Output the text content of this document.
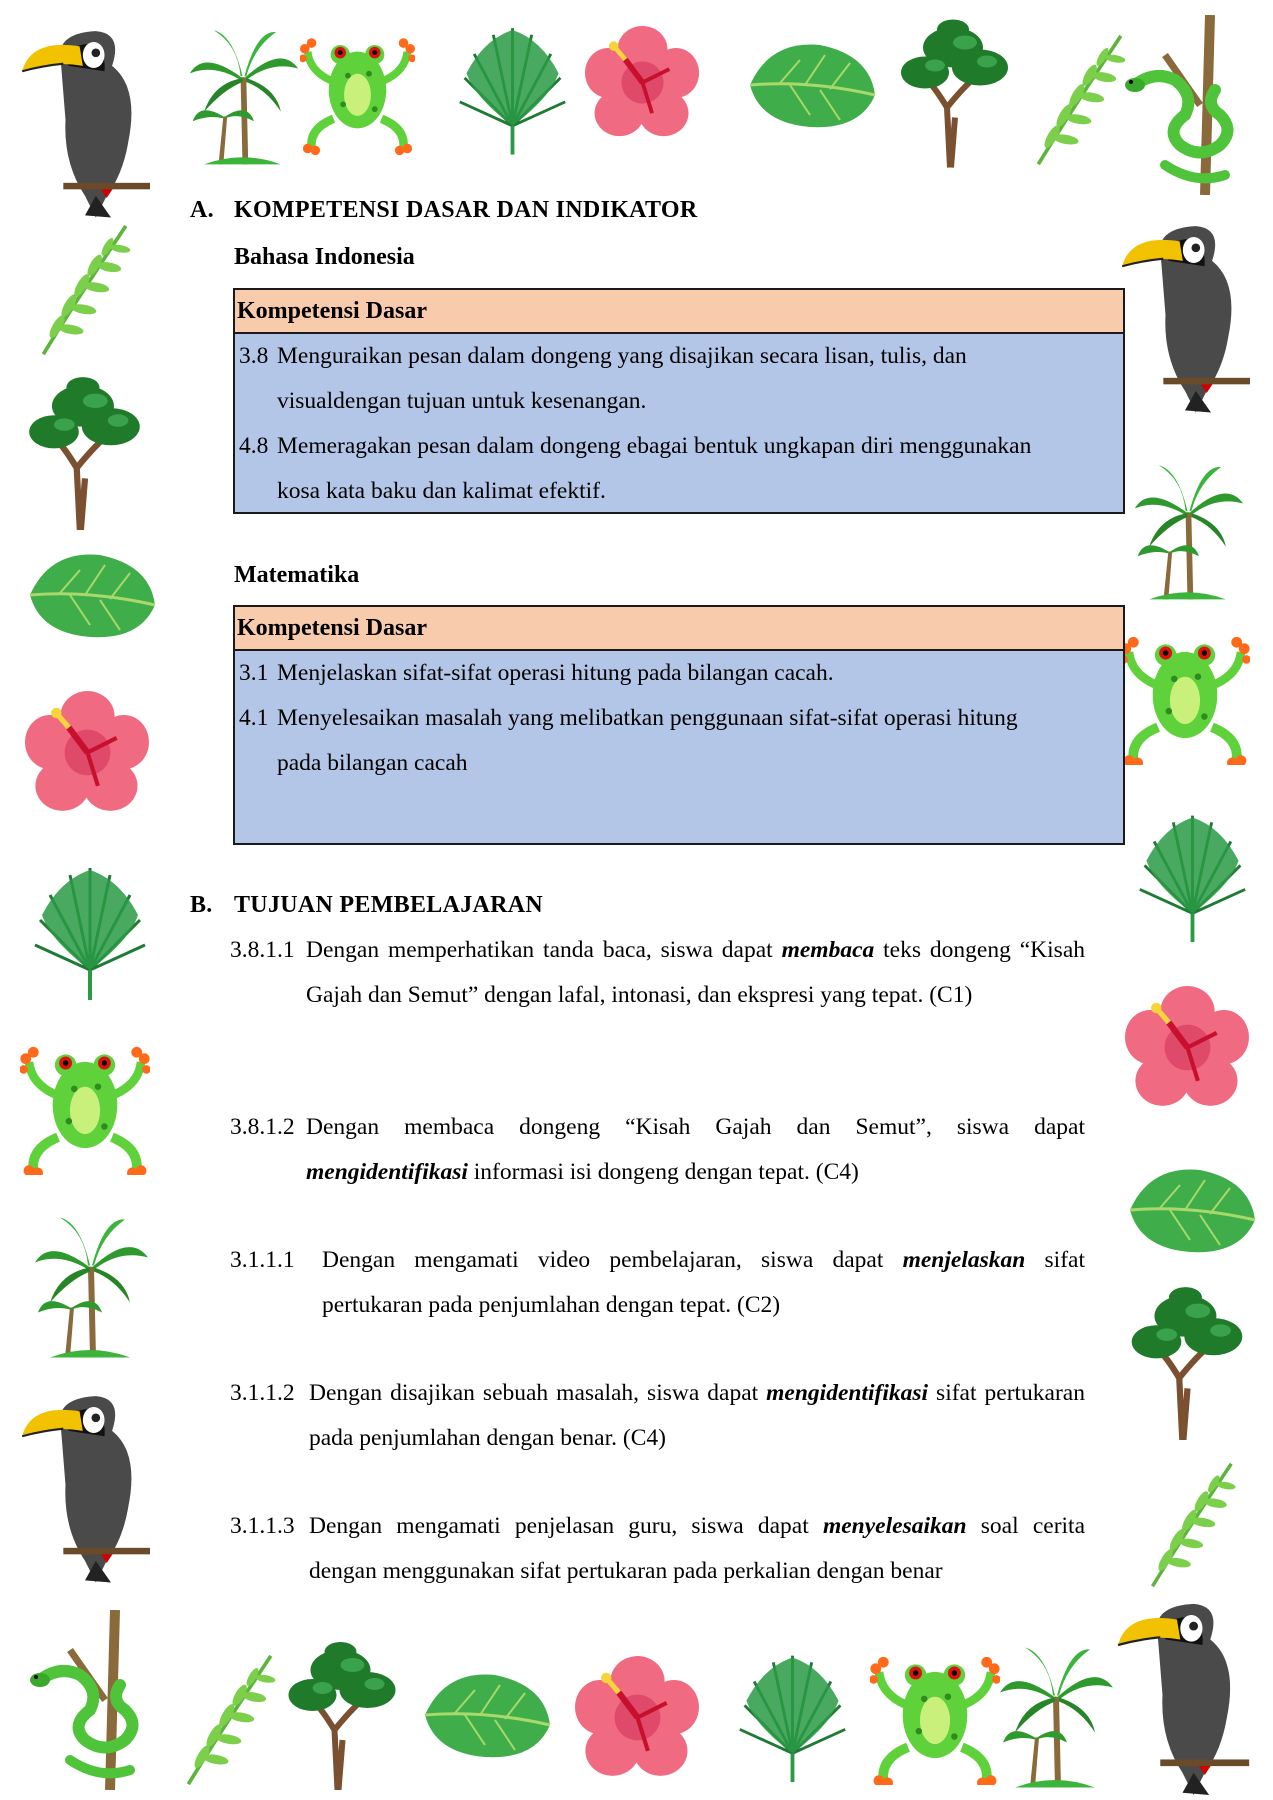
A. KOMPETENSI DASAR DAN INDIKATOR
Bahasa Indonesia
Kompetensi Dasar
3.8 Menguraikan pesan dalam dongeng yang disajikan secara lisan, tulis, dan
visualdengan tujuan untuk kesenangan.
4.8 Memeragakan pesan dalam dongeng ebagai bentuk ungkapan diri menggunakan
kosa kata baku dan kalimat efektif.
Matematika
Kompetensi Dasar
3.1 Menjelaskan sifat-sifat operasi hitung pada bilangan cacah.
4.1 Menyelesaikan masalah yang melibatkan penggunaan sifat-sifat operasi hitung
pada bilangan cacah
B. TUJUAN PEMBELAJARAN
3.8.1.1 Dengan memperhatikan tanda baca, siswa dapat membaca teks dongeng “Kisah Gajah dan Semut” dengan lafal, intonasi, dan ekspresi yang tepat. (C1)
3.8.1.2 Dengan membaca dongeng “Kisah Gajah dan Semut”, siswa dapat mengidentifikasi informasi isi dongeng dengan tepat. (C4)
3.1.1.1	Dengan mengamati video pembelajaran, siswa dapat menjelaskan sifat pertukaran pada penjumlahan dengan tepat. (C2)
3.1.1.2 Dengan disajikan sebuah masalah, siswa dapat mengidentifikasi sifat pertukaran pada penjumlahan dengan benar. (C4)
3.1.1.3 Dengan mengamati penjelasan guru, siswa dapat menyelesaikan soal cerita dengan menggunakan sifat pertukaran pada perkalian dengan benar
